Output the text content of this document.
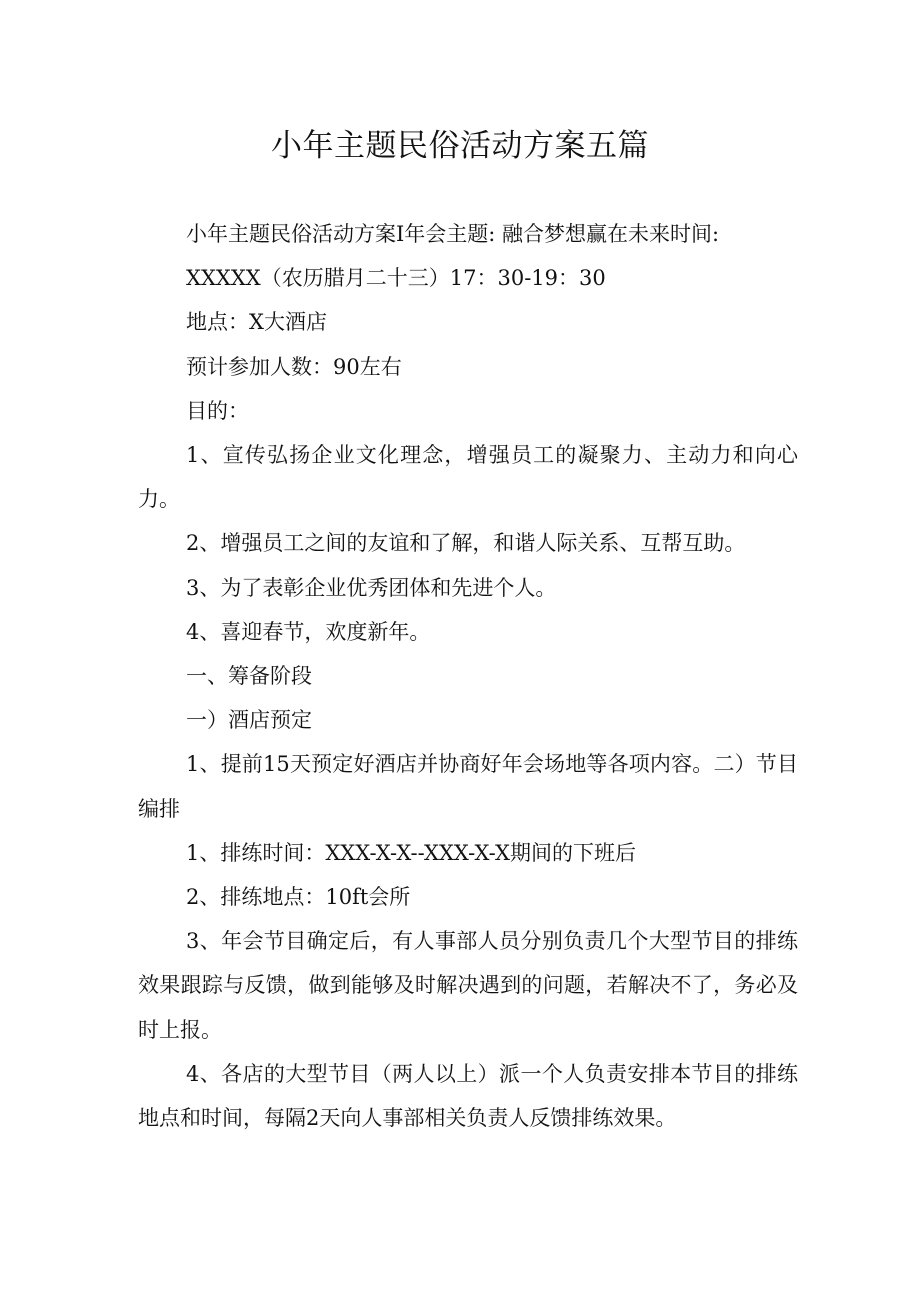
小年主题民俗活动方案五篇

小年主题民俗活动方案Ⅰ年会主题: 融合梦想赢在未来时间:

XXXXX（农历腊月二十三）17：30-19：30

地点：X大酒店

预计参加人数：90左右

目的：

1、宣传弘扬企业文化理念，增强员工的凝聚力、主动力和向心力。

2、增强员工之间的友谊和了解，和谐人际关系、互帮互助。

3、为了表彰企业优秀团体和先进个人。

4、喜迎春节，欢度新年。

一、筹备阶段

一）酒店预定

1、提前15天预定好酒店并协商好年会场地等各项内容。二）节目编排

1、排练时间：XXX-X-X--XXX-X-X期间的下班后

2、排练地点：10ft会所

3、年会节目确定后，有人事部人员分别负责几个大型节目的排练效果跟踪与反馈，做到能够及时解决遇到的问题，若解决不了，务必及时上报。

4、各店的大型节目（两人以上）派一个人负责安排本节目的排练地点和时间，每隔2天向人事部相关负责人反馈排练效果。
